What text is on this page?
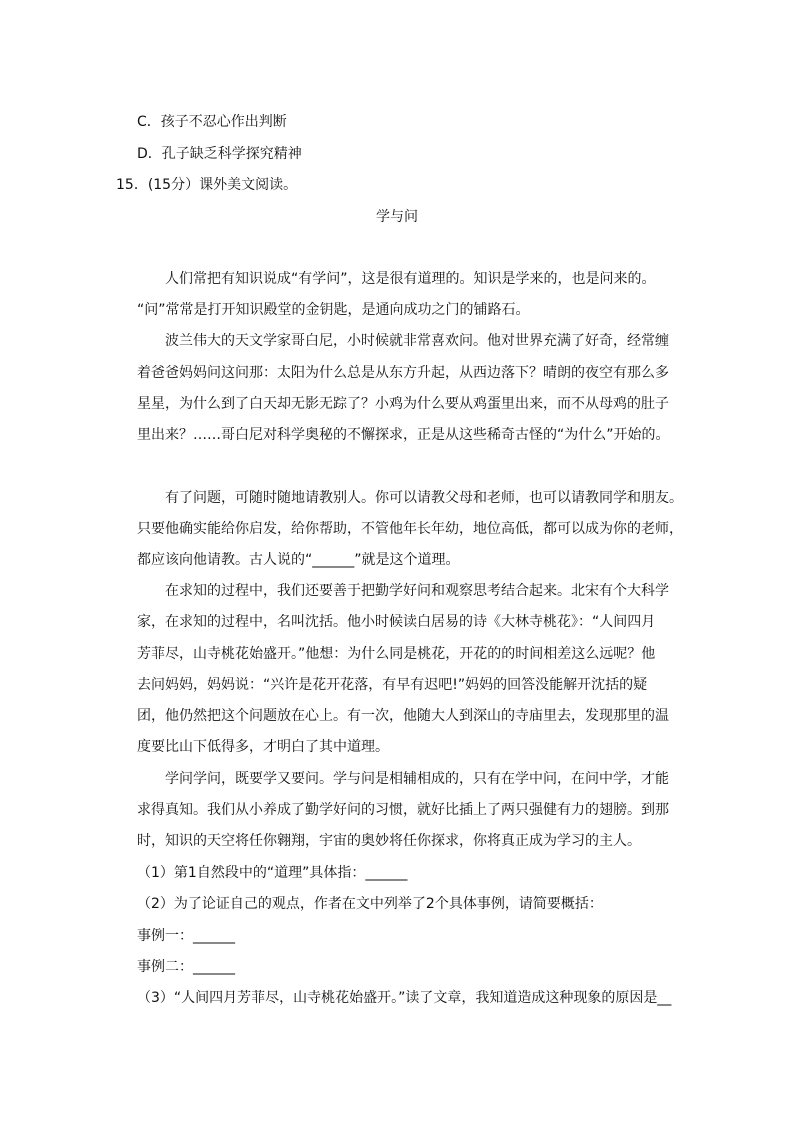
C．孩子不忍心作出判断
D．孔子缺乏科学探究精神
15．(15分）课外美文阅读。
学与问
人们常把有知识说成“有学问”，这是很有道理的。知识是学来的，也是问来的。
“问”常常是打开知识殿堂的金钥匙，是通向成功之门的铺路石。
波兰伟大的天文学家哥白尼，小时候就非常喜欢问。他对世界充满了好奇，经常缠
着爸爸妈妈问这问那：太阳为什么总是从东方升起，从西边落下？晴朗的夜空有那么多
星星，为什么到了白天却无影无踪了？小鸡为什么要从鸡蛋里出来，而不从母鸡的肚子
里出来？……哥白尼对科学奥秘的不懈探求，正是从这些稀奇古怪的“为什么”开始的。
有了问题，可随时随地请教别人。你可以请教父母和老师，也可以请教同学和朋友。
只要他确实能给你启发，给你帮助，不管他年长年幼，地位高低，都可以成为你的老师，
都应该向他请教。古人说的“______”就是这个道理。
在求知的过程中，我们还要善于把勤学好问和观察思考结合起来。北宋有个大科学
家，在求知的过程中，名叫沈括。他小时候读白居易的诗《大林寺桃花》：“人间四月
芳菲尽，山寺桃花始盛开。”他想：为什么同是桃花，开花的的时间相差这么远呢？他
去问妈妈，妈妈说：“兴许是花开花落，有早有迟吧!”妈妈的回答没能解开沈括的疑
团，他仍然把这个问题放在心上。有一次，他随大人到深山的寺庙里去，发现那里的温
度要比山下低得多，才明白了其中道理。
学问学问，既要学又要问。学与问是相辅相成的，只有在学中问，在问中学，才能
求得真知。我们从小养成了勤学好问的习惯，就好比插上了两只强健有力的翅膀。到那
时，知识的天空将任你翱翔，宇宙的奥妙将任你探求，你将真正成为学习的主人。
（1）第1自然段中的“道理”具体指：______
（2）为了论证自己的观点，作者在文中列举了2个具体事例，请简要概括：
事例一：______
事例二：______
（3）“人间四月芳菲尽，山寺桃花始盛开。”读了文章，我知道造成这种现象的原因是__
